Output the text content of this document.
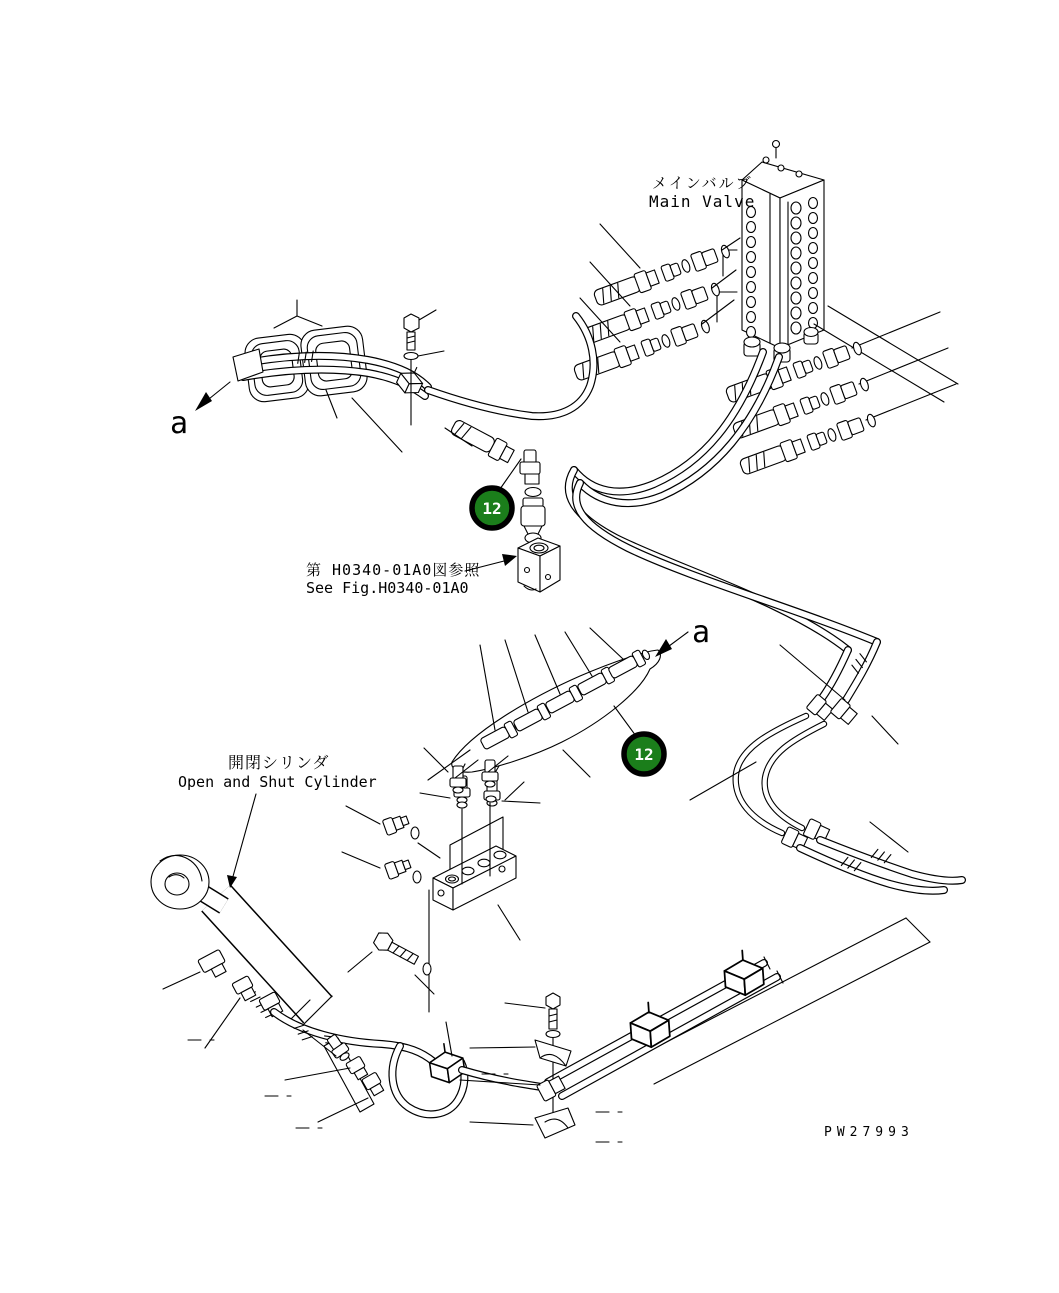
a
第 H0340-01A0図参照
See Fig.H0340-01A0
12
a
12
開閉シリンダ
Open and Shut Cylinder
メインバルブ
Main Valve
PW27993
